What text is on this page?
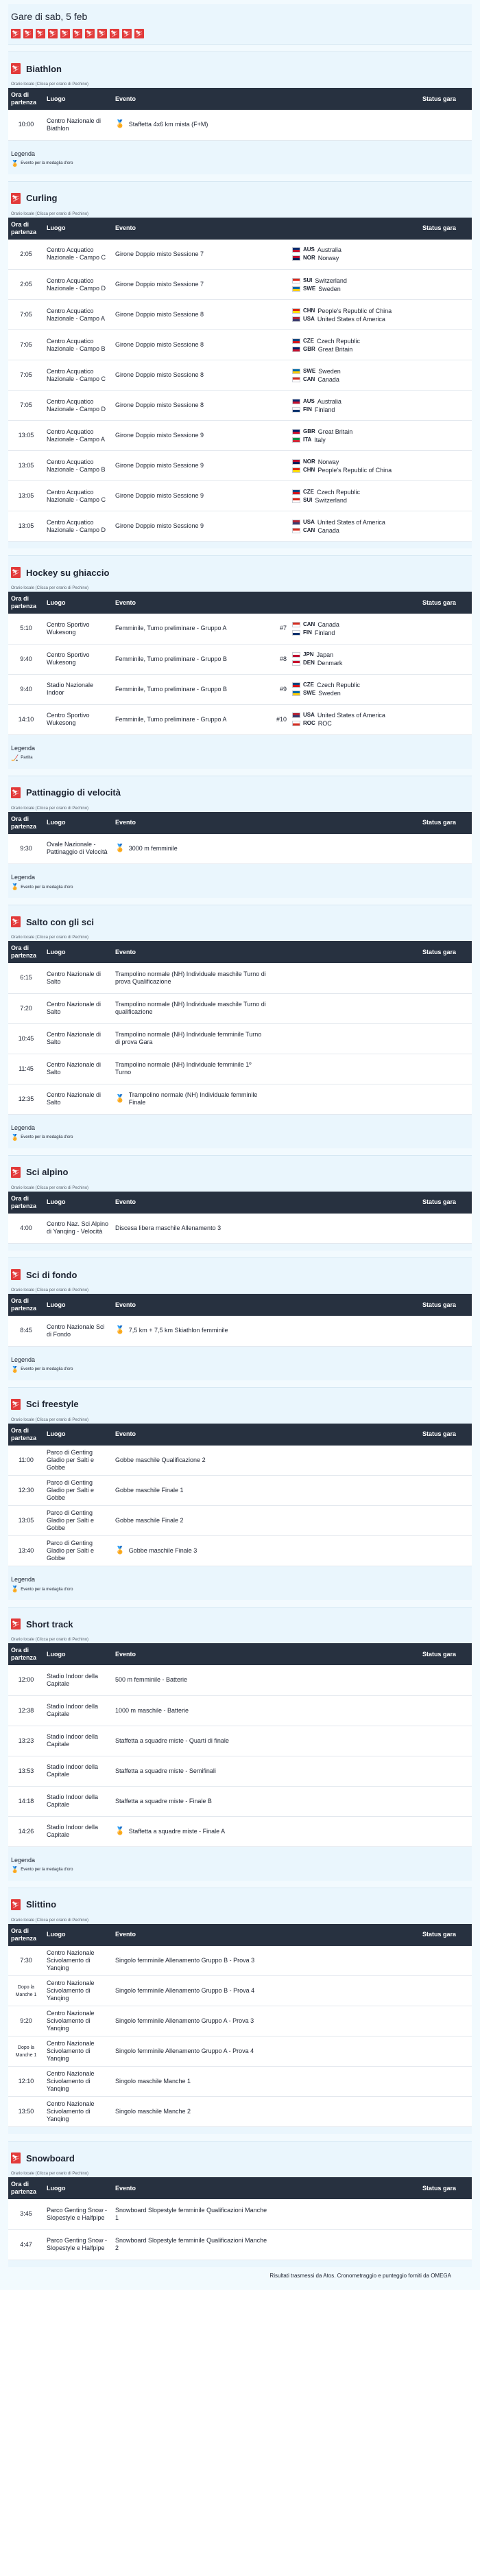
Gare di sab, 5 feb
⛷ ⛷ ⛷ ⛷ ⛷ ⛷ ⛷ ⛷ ⛷ ⛷ ⛷
⛷ Biathlon
Orario locale (Clicca per orario di Pechino)
Ora di
partenza	Luogo	Evento		Status gara
10:00	Centro Nazionale di Biathlon	🏅 Staffetta 4x6 km mista (F+M)		

Legenda
🏅 Evento per la medaglia d'oro
⛷ Curling
Orario locale (Clicca per orario di Pechino)
Ora di
partenza	Luogo	Evento			Status gara
2:05	Centro Acquatico Nazionale - Campo C	Girone Doppio misto Sessione 7		AUS Australia
NOR Norway	

2:05	Centro Acquatico Nazionale - Campo D	Girone Doppio misto Sessione 7		SUI Switzerland
SWE Sweden	

7:05	Centro Acquatico Nazionale - Campo A	Girone Doppio misto Sessione 8		CHN People's Republic of China
USA United States of America	

7:05	Centro Acquatico Nazionale - Campo B	Girone Doppio misto Sessione 8		CZE Czech Republic
GBR Great Britain	

7:05	Centro Acquatico Nazionale - Campo C	Girone Doppio misto Sessione 8		SWE Sweden
CAN Canada	

7:05	Centro Acquatico Nazionale - Campo D	Girone Doppio misto Sessione 8		AUS Australia
FIN Finland	

13:05	Centro Acquatico Nazionale - Campo A	Girone Doppio misto Sessione 9		GBR Great Britain
ITA Italy	

13:05	Centro Acquatico Nazionale - Campo B	Girone Doppio misto Sessione 9		NOR Norway
CHN People's Republic of China	

13:05	Centro Acquatico Nazionale - Campo C	Girone Doppio misto Sessione 9		CZE Czech Republic
SUI Switzerland	

13:05	Centro Acquatico Nazionale - Campo D	Girone Doppio misto Sessione 9		USA United States of America
CAN Canada	

⛷ Hockey su ghiaccio
Orario locale (Clicca per orario di Pechino)
Ora di
partenza	Luogo	Evento			Status gara
5:10	Centro Sportivo Wukesong	Femminile, Turno preliminare - Gruppo A	#7	CAN Canada
FIN Finland	

9:40	Centro Sportivo Wukesong	Femminile, Turno preliminare - Gruppo B	#8	JPN Japan
DEN Denmark	

9:40	Stadio Nazionale Indoor	Femminile, Turno preliminare - Gruppo B	#9	CZE Czech Republic
SWE Sweden	

14:10	Centro Sportivo Wukesong	Femminile, Turno preliminare - Gruppo A	#10	USA United States of America
ROC ROC	

Legenda
🏒 Partita
⛷ Pattinaggio di velocità
Orario locale (Clicca per orario di Pechino)
Ora di
partenza	Luogo	Evento		Status gara
9:30	Ovale Nazionale - Pattinaggio di Velocità	🏅 3000 m femminile		

Legenda
🏅 Evento per la medaglia d'oro
⛷ Salto con gli sci
Orario locale (Clicca per orario di Pechino)
Ora di
partenza	Luogo	Evento		Status gara
6:15	Centro Nazionale di Salto	Trampolino normale (NH) Individuale maschile Turno di prova Qualificazione		

7:20	Centro Nazionale di Salto	Trampolino normale (NH) Individuale maschile Turno di qualificazione		

10:45	Centro Nazionale di Salto	Trampolino normale (NH) Individuale femminile Turno di prova Gara		

11:45	Centro Nazionale di Salto	Trampolino normale (NH) Individuale femminile 1º Turno		

12:35	Centro Nazionale di Salto	🏅 Trampolino normale (NH) Individuale femminile Finale		

Legenda
🏅 Evento per la medaglia d'oro
⛷ Sci alpino
Orario locale (Clicca per orario di Pechino)
Ora di
partenza	Luogo	Evento		Status gara
4:00	Centro Naz. Sci Alpino di Yanqing - Velocità	Discesa libera maschile Allenamento 3		

⛷ Sci di fondo
Orario locale (Clicca per orario di Pechino)
Ora di
partenza	Luogo	Evento		Status gara
8:45	Centro Nazionale Sci di Fondo	🏅 7,5 km + 7,5 km Skiathlon femminile		

Legenda
🏅 Evento per la medaglia d'oro
⛷ Sci freestyle
Orario locale (Clicca per orario di Pechino)
Ora di
partenza	Luogo	Evento		Status gara
11:00	Parco di Genting Gladio per Salti e Gobbe	Gobbe maschile Qualificazione 2		

12:30	Parco di Genting Gladio per Salti e Gobbe	Gobbe maschile Finale 1		

13:05	Parco di Genting Gladio per Salti e Gobbe	Gobbe maschile Finale 2		

13:40	Parco di Genting Gladio per Salti e Gobbe	🏅 Gobbe maschile Finale 3		

Legenda
🏅 Evento per la medaglia d'oro
⛷ Short track
Orario locale (Clicca per orario di Pechino)
Ora di
partenza	Luogo	Evento		Status gara
12:00	Stadio Indoor della Capitale	500 m femminile - Batterie		

12:38	Stadio Indoor della Capitale	1000 m maschile - Batterie		

13:23	Stadio Indoor della Capitale	Staffetta a squadre miste - Quarti di finale		

13:53	Stadio Indoor della Capitale	Staffetta a squadre miste - Semifinali		

14:18	Stadio Indoor della Capitale	Staffetta a squadre miste - Finale B		

14:26	Stadio Indoor della Capitale	🏅 Staffetta a squadre miste - Finale A		

Legenda
🏅 Evento per la medaglia d'oro
⛷ Slittino
Orario locale (Clicca per orario di Pechino)
Ora di
partenza	Luogo	Evento		Status gara
7:30	Centro Nazionale Scivolamento di Yanqing	Singolo femminile Allenamento Gruppo B - Prova 3		

Dopo la Manche 1	Centro Nazionale Scivolamento di Yanqing	Singolo femminile Allenamento Gruppo B - Prova 4		

9:20	Centro Nazionale Scivolamento di Yanqing	Singolo femminile Allenamento Gruppo A - Prova 3		

Dopo la Manche 1	Centro Nazionale Scivolamento di Yanqing	Singolo femminile Allenamento Gruppo A - Prova 4		

12:10	Centro Nazionale Scivolamento di Yanqing	Singolo maschile Manche 1		

13:50	Centro Nazionale Scivolamento di Yanqing	Singolo maschile Manche 2		

⛷ Snowboard
Orario locale (Clicca per orario di Pechino)
Ora di
partenza	Luogo	Evento		Status gara
3:45	Parco Genting Snow -Slopestyle e Halfpipe	Snowboard Slopestyle femminile Qualificazioni Manche 1		

4:47	Parco Genting Snow -Slopestyle e Halfpipe	Snowboard Slopestyle femminile Qualificazioni Manche 2		

Risultati trasmessi da Atos. Cronometraggio e punteggio forniti da OMEGA
